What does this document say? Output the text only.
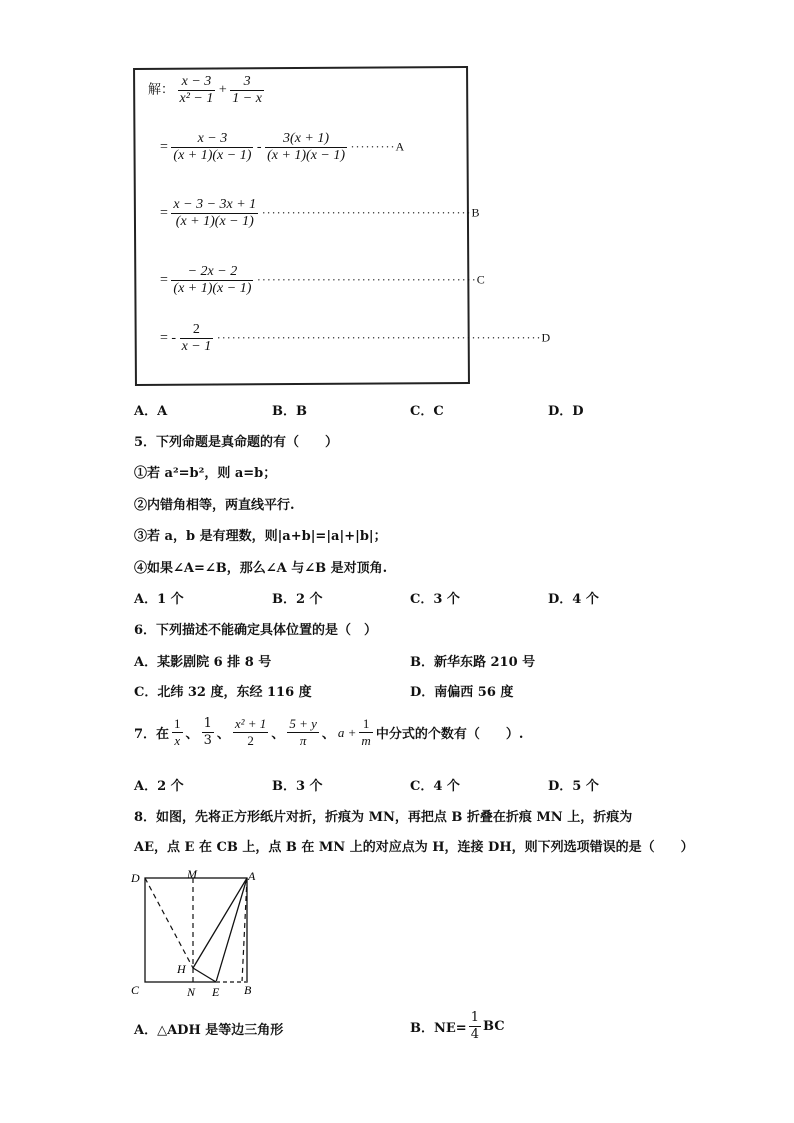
解： $\frac{x - 3}{\text{x² − 1}} + \frac{3}{1 - x}$
= $\frac{x - 3}{(x + 1)(x - 1)} - \frac{3(x + 1)}{(x + 1)(x - 1)} \cdot\cdot\cdot\cdot\cdot\cdot\cdot\cdot\cdot A$
= $\frac{x - 3 - 3x + 1}{(x + 1)(x - 1)} \cdot\cdot\cdot\cdot\cdot\cdot\cdot\cdot\cdot\cdot\cdot\cdot\cdot\cdot\cdot\cdot\cdot\cdot\cdot\cdot\cdot\cdot\cdot\cdot\cdot\cdot\cdot\cdot\cdot\cdot\cdot\cdot\cdot\cdot\cdot\cdot\cdot\cdot\cdot\cdot\cdot\cdot B$
= $\frac{- 2x - 2}{(x + 1)(x - 1)} \cdot\cdot\cdot\cdot\cdot\cdot\cdot\cdot\cdot\cdot\cdot\cdot\cdot\cdot\cdot\cdot\cdot\cdot\cdot\cdot\cdot\cdot\cdot\cdot\cdot\cdot\cdot\cdot\cdot\cdot\cdot\cdot\cdot\cdot\cdot\cdot\cdot\cdot\cdot\cdot\cdot\cdot\cdot\cdot C$
= - $\frac{2}{x - 1} \cdot\cdot\cdot\cdot\cdot\cdot\cdot\cdot\cdot\cdot\cdot\cdot\cdot\cdot\cdot\cdot\cdot\cdot\cdot\cdot\cdot\cdot\cdot\cdot\cdot\cdot\cdot\cdot\cdot\cdot\cdot\cdot\cdot\cdot\cdot\cdot\cdot\cdot\cdot\cdot\cdot\cdot\cdot\cdot\cdot\cdot\cdot\cdot\cdot\cdot\cdot\cdot\cdot\cdot\cdot\cdot\cdot\cdot\cdot\cdot\cdot\cdot\cdot\cdot\cdot D$
A．A	B．B	C．C	D．D
5．下列命题是真命题的有（　　）
①若 a²=b²，则 a=b；
②内错角相等，两直线平行.
③若 a，b 是有理数，则|a+b|=|a|+|b|；
④如果∠A=∠B，那么∠A 与∠B 是对顶角.
A．1 个	B．2 个	C．3 个	D．4 个
6．下列描述不能确定具体位置的是（　）
A．某影剧院 6 排 8 号	B．新华东路 210 号
C．北纬 32 度，东经 116 度	D．南偏西 56 度
7．在 $\frac{1}{x}$ 、 $\frac{1}{3}$ 、 $\frac{\text{x² + 1}}{2}$ 、 $\frac{5 + y}{\pi}$ 、 $a + \frac{1}{m}$ 中分式的个数有（　　）.
A．2 个	B．3 个	C．4 个	D．5 个
8．如图，先将正方形纸片对折，折痕为 MN，再把点 B 折叠在折痕 MN 上，折痕为
AE，点 E 在 CB 上，点 B 在 MN 上的对应点为 H，连接 DH，则下列选项错误的是（　　）
D	M	A
H
C	N E B
A．△ADH 是等边三角形	B．$NE= \frac{1}{4}$ BC
